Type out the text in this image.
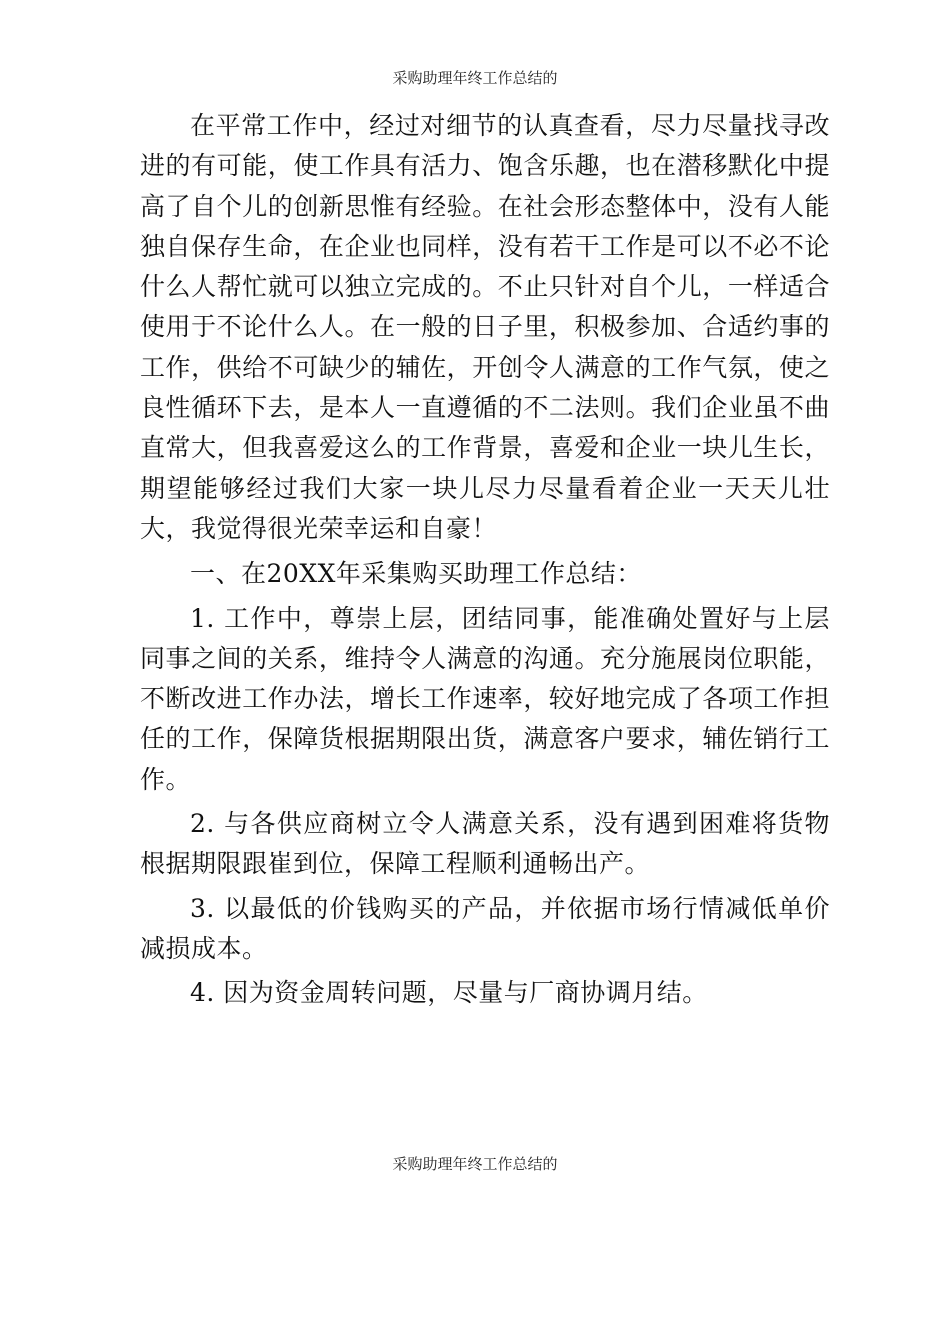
采购助理年终工作总结的

在平常工作中，经过对细节的认真查看，尽力尽量找寻改进的有可能，使工作具有活力、饱含乐趣，也在潜移默化中提高了自个儿的创新思惟有经验。在社会形态整体中，没有人能独自保存生命，在企业也同样，没有若干工作是可以不必不论什么人帮忙就可以独立完成的。不止只针对自个儿，一样适合使用于不论什么人。在一般的日子里，积极参加、合适约事的工作，供给不可缺少的辅佐，开创令人满意的工作气氛，使之良性循环下去，是本人一直遵循的不二法则。我们企业虽不曲直常大，但我喜爱这么的工作背景，喜爱和企业一块儿生长，期望能够经过我们大家一块儿尽力尽量看着企业一天天儿壮大，我觉得很光荣幸运和自豪！

一、在20XX年采集购买助理工作总结：

1. 工作中，尊崇上层，团结同事，能准确处置好与上层同事之间的关系，维持令人满意的沟通。充分施展岗位职能，不断改进工作办法，增长工作速率，较好地完成了各项工作担任的工作，保障货根据期限出货，满意客户要求，辅佐销行工作。

2. 与各供应商树立令人满意关系，没有遇到困难将货物根据期限跟崔到位，保障工程顺利通畅出产。

3. 以最低的价钱购买的产品，并依据市场行情减低单价减损成本。

4. 因为资金周转问题，尽量与厂商协调月结。

采购助理年终工作总结的
